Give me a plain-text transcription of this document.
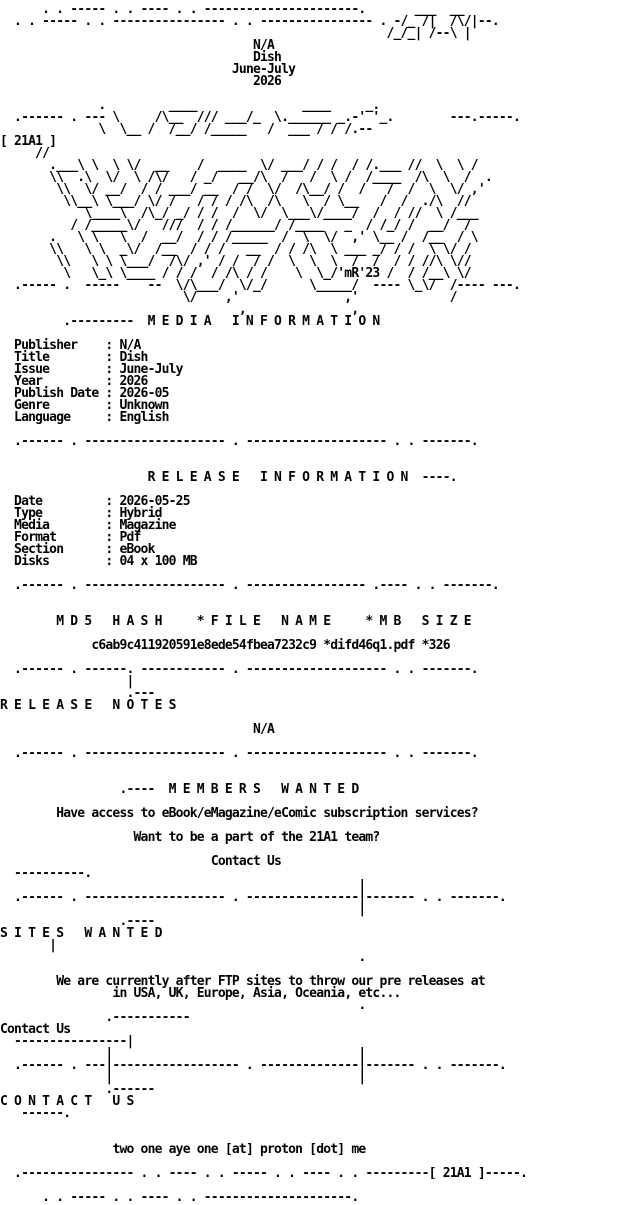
. . ----- . . ---- . . ----------------------.       ___  __
. . ----- . . ---------------- . . ---------------- . -/_ /|  /\/|--.
/_/_| /--\ |
N/A
Dish
June-July
2026

.         ____               ____     _.
.------ . --- \     /\__  /// ___/_  \.______ _.-' '_.        ---.-----.
\  \__ /  /__/ /_____   /  ___ / / /.--
[ 21A1 ]
//
.___\ \  \ \/  __    /  ____  \/ ___/ / /  / /.___ //  \  \ /
\\  .\  \/  \ /\/   / _/   __/\  /   /  \ /  /____  /\  \  /  .
\\  \/ __/  / / ___/ __  / /  \/  /\__/ /  /   /  /  \  \/ ,'
\\__\ \___/ \/ /   / / / /\  /\   \  / \__   /  /  ./\  //
\____\  /\_/ _/ / /  /  \/  \___\/____/  /  / //  \ /___
/ /_____\/   ///  / / /______/ /____   _  / /_/ /  __/  /
.   \ \   \  /  __/  / / /_____  /  \  \/  ,' \__ /  /__  / \
\\   \ \  _\/  /__  / / /   __  / / /\  \ ___ _/ / /  \ \/ /
\\   \ \ \___/  /\/ ,' / /  / /  \  \  \  /  /  / / //\ \//
\   \_\ \____ / / /  / /\ / /    \  \_/'mR'23 /  / /__\ \/
.----- .  -----    --  \/\___/  \/_/      \_____/  ---- \_\/  /---- ---.
\/    ,'               ,'             /
,               ,

.---------  M E D I A   I N F O R M A T I O N

Publisher    : N/A
Title        : Dish
Issue        : June-July
Year         : 2026
Publish Date : 2026-05
Genre        : Unknown
Language     : English

.------ . -------------------- . -------------------- . . -------.

R E L E A S E   I N F O R M A T I O N  ----.

Date         : 2026-05-25
Type         : Hybrid
Media        : Magazine
Format       : Pdf
Section      : eBook
Disks        : 04 x 100 MB

.------ . -------------------- . ----------------- .---- . . -------.

M D 5   H A S H     * F I L E   N A M E     * M B   S I Z E

c6ab9c411920591e8ede54fbea7232c9 *difd46q1.pdf *326

.------ . ------. ------------ . -------------------- . . -------.
|
.---
R E L E A S E   N O T E S

N/A

.------ . -------------------- . -------------------- . . -------.

.----  M E M B E R S   W A N T E D

Have access to eBook/eMagazine/eComic subscription services?

Want to be a part of the 21A1 team?

Contact Us
----------.
|
.------ . -------------------- . ----------------|------- . . -------.
|
.----
S I T E S   W A N T E D
|
.

We are currently after FTP sites to throw our pre releases at
in USA, UK, Europe, Asia, Oceania, etc...

.
.-----------
Contact Us
----------------|
|                                   |
.------ . ---|------------------ . --------------|------- . . -------.
|                                   |
.------
C O N T A C T   U S
------.

two one aye one [at] proton [dot] me

.---------------- . . ---- . . ----- . . ---- . . ---------[ 21A1 ]-----.

. . ----- . . ---- . . ---------------------.
